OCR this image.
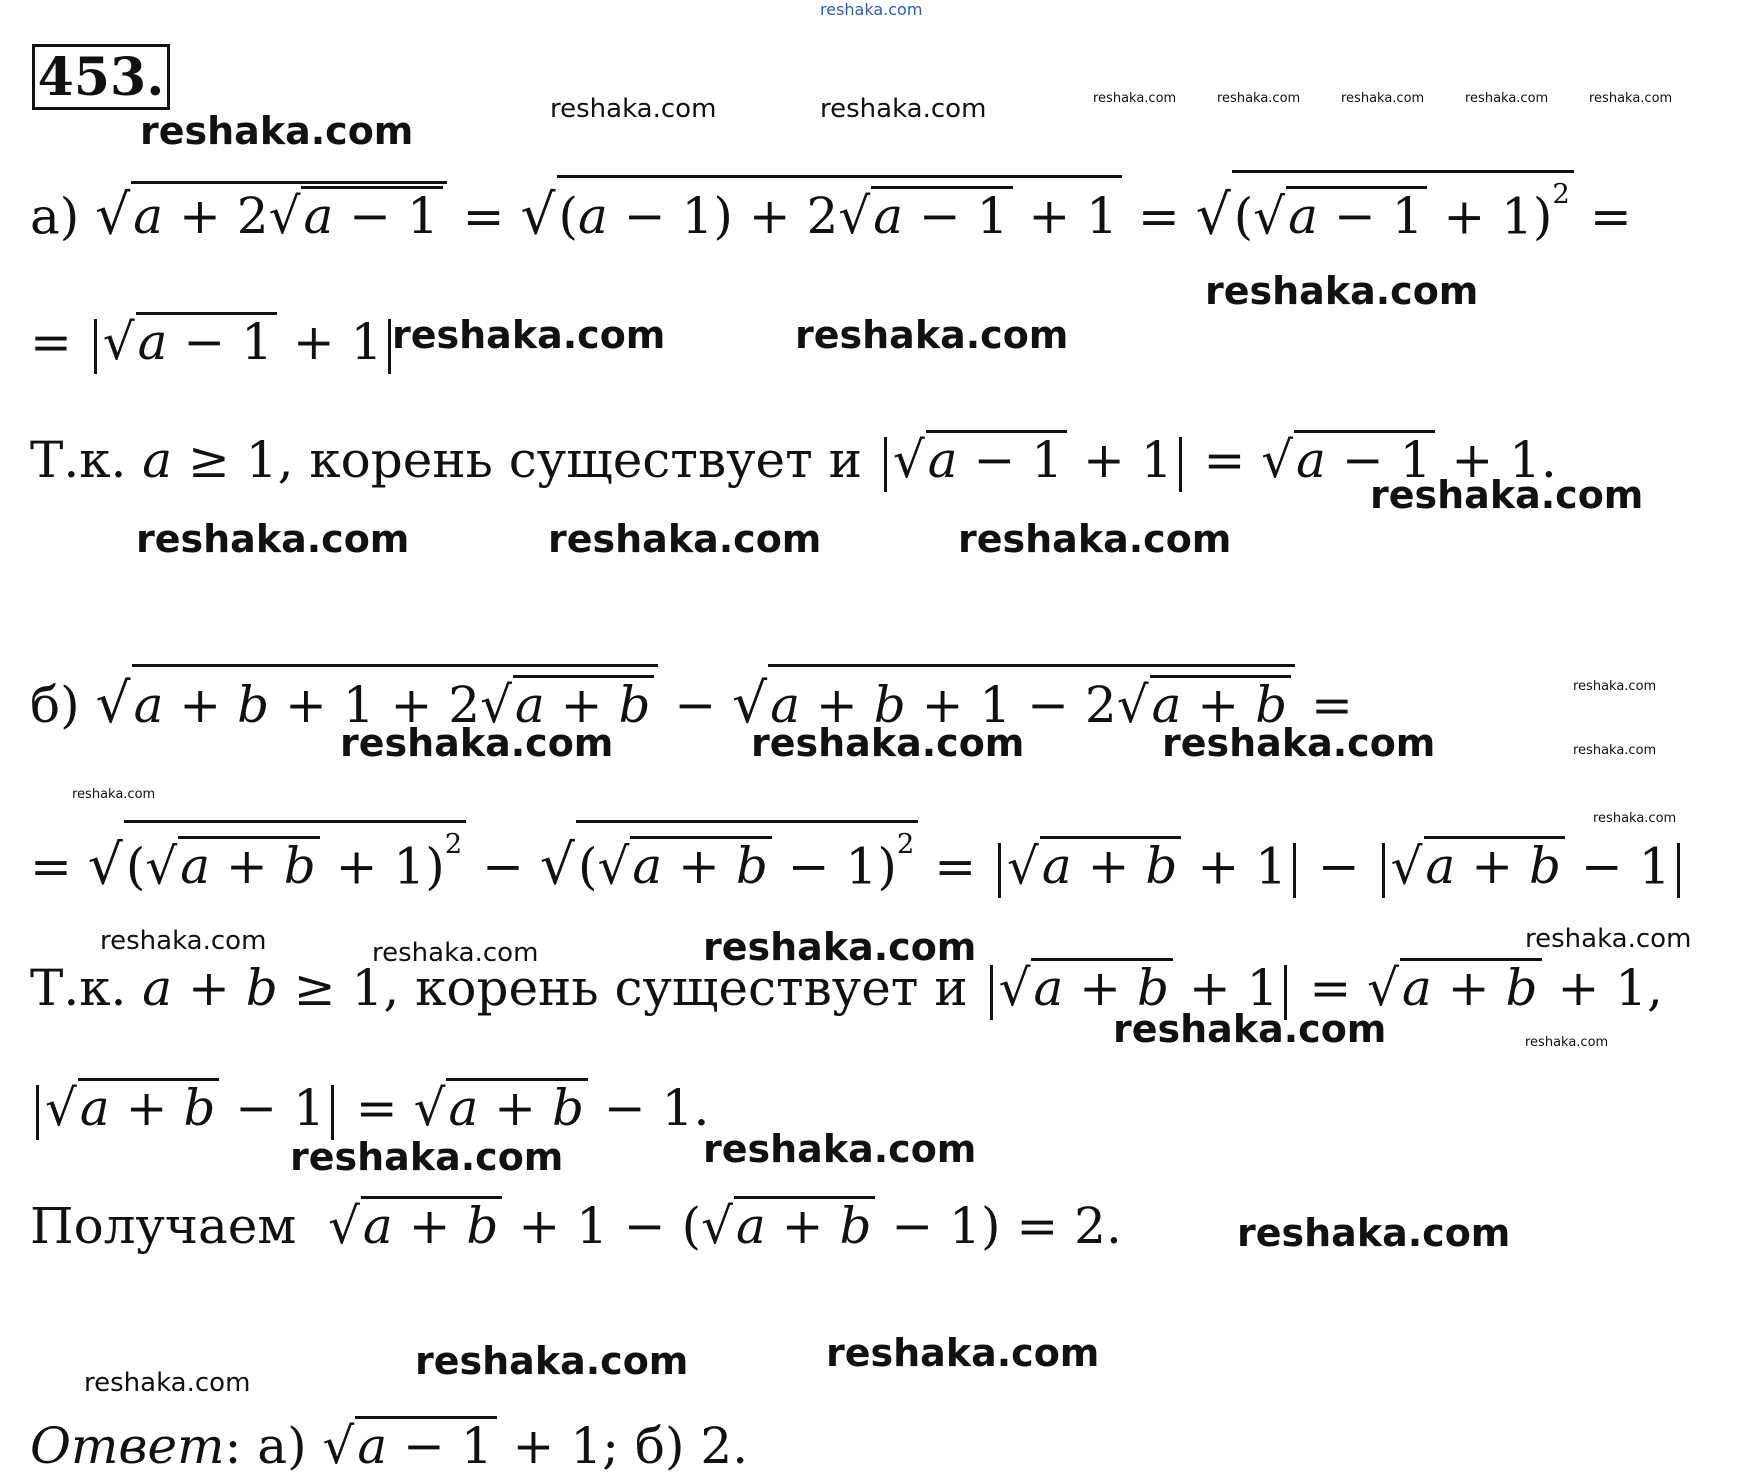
453.
reshaka.com
reshaka.com	reshaka.com	reshaka.com	reshaka.com	reshaka.com	reshaka.com	reshaka.com	reshaka.com
reshaka.com
reshaka.com	reshaka.com
reshaka.com
reshaka.com	reshaka.com	reshaka.com
reshaka.com
reshaka.com	reshaka.com	reshaka.com	reshaka.com
reshaka.com
reshaka.com
reshaka.com	reshaka.com	reshaka.com	reshaka.com
reshaka.com	reshaka.com
reshaka.com	reshaka.com
reshaka.com
reshaka.com	reshaka.com
reshaka.com
а) $√a + 2√a - 1 = √(a - 1) + 2√a - 1 + 1 = √(√a - 1 + 1)^2$ =
= √a − 1 + 1
Т.к. a ≥ 1, корень существует и √a − 1 + 1 = √a − 1 + 1.
б) √a + b + 1 + 2√a + b − √a + b + 1 − 2√a + b =
= $√(√a + b + 1)^2 - √(√a + b - 1)^2 = √a + b + 1 - √a + b - 1$
Т.к. a + b ≥ 1, корень существует и √a + b + 1 = √a + b + 1,
√a + b − 1 = √a + b − 1.
Получаем  √a + b + 1 − (√a + b − 1) = 2.
Ответ: а) √a − 1 + 1; б) 2.
